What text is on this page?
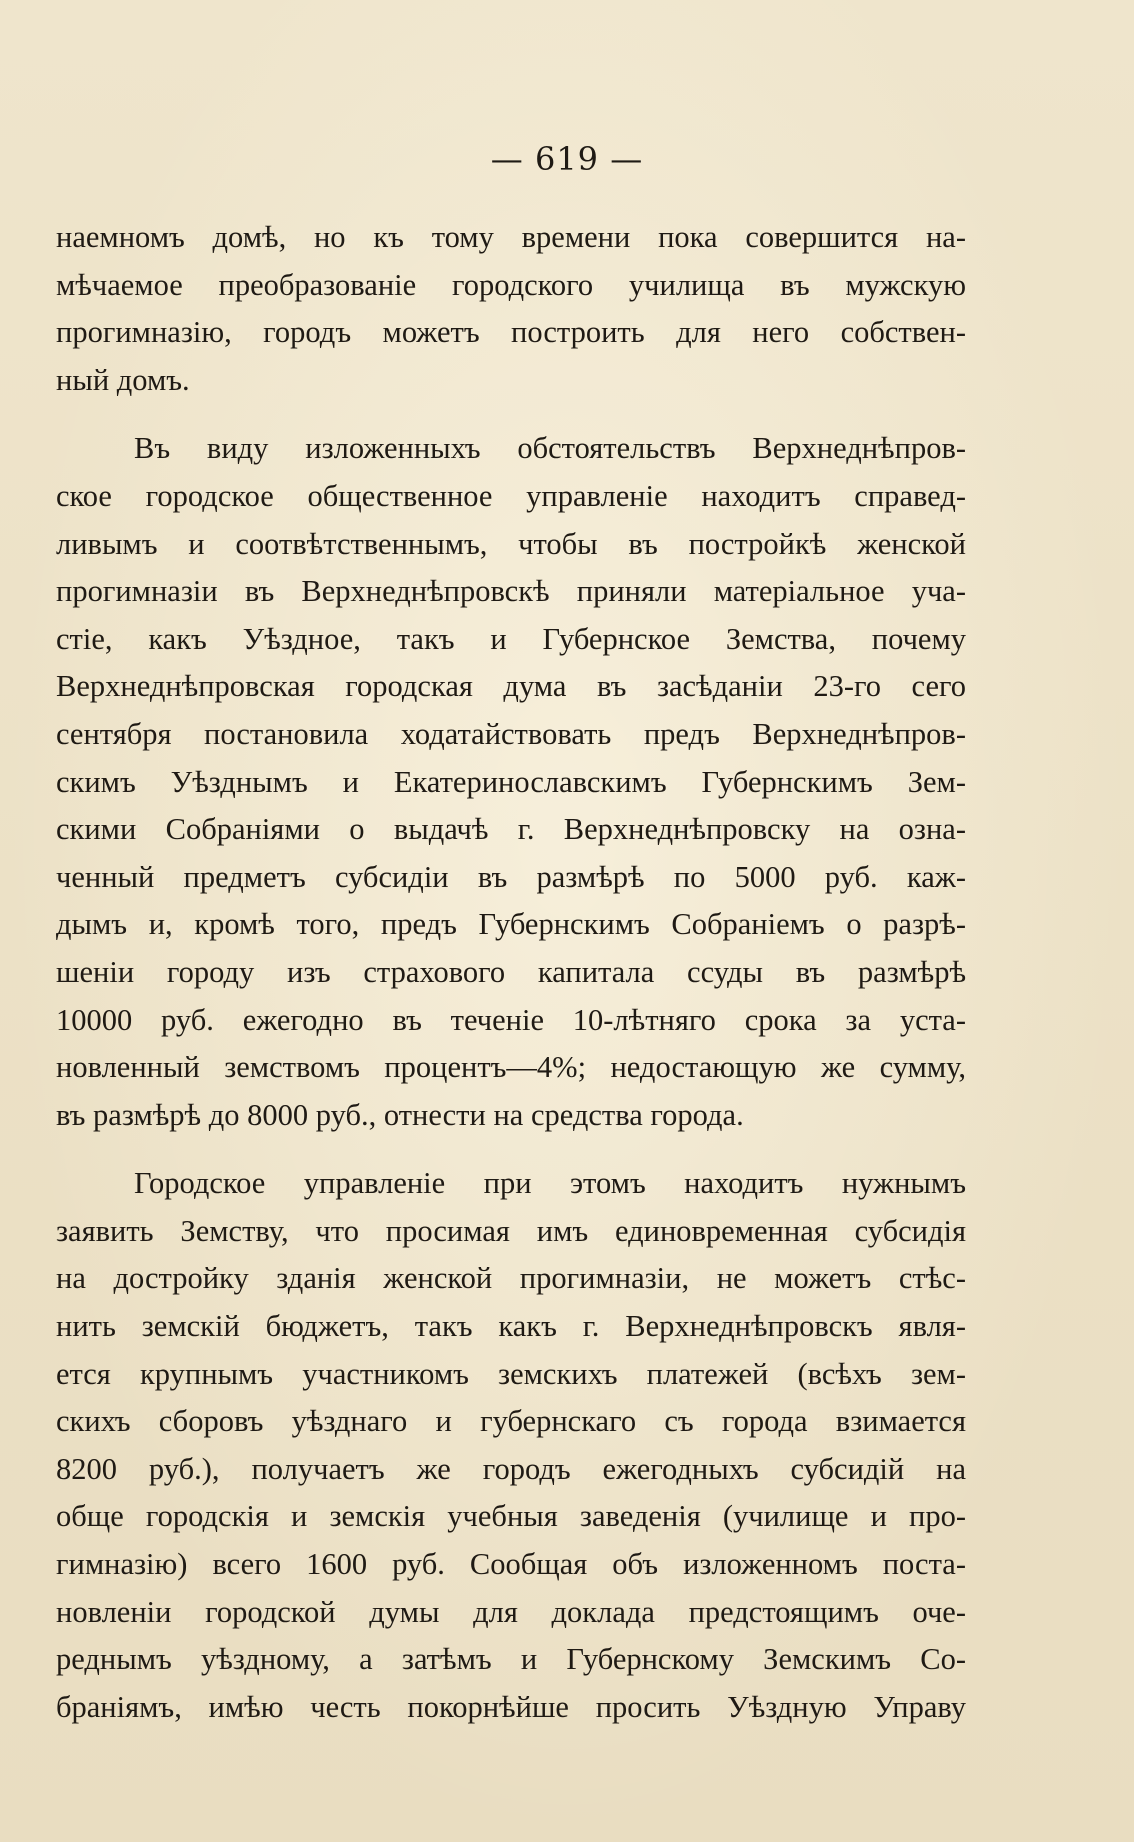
— 619 —
наемномъ домѣ, но къ тому времени пока совершится на-
мѣчаемое преобразованіе городского училища въ мужскую
прогимназію, городъ можетъ построить для него собствен-
ный домъ.
Въ виду изложенныхъ обстоятельствъ Верхнеднѣпров-
ское городское общественное управленіе находитъ справед-
ливымъ и соотвѣтственнымъ, чтобы въ постройкѣ женской
прогимназіи въ Верхнеднѣпровскѣ приняли матеріальное уча-
стіе, какъ Уѣздное, такъ и Губернское Земства, почему
Верхнеднѣпровская городская дума въ засѣданіи 23-го сего
сентября постановила ходатайствовать предъ Верхнеднѣпров-
скимъ Уѣзднымъ и Екатеринославскимъ Губернскимъ Зем-
скими Собраніями о выдачѣ г. Верхнеднѣпровску на озна-
ченный предметъ субсидіи въ размѣрѣ по 5000 руб. каж-
дымъ и, кромѣ того, предъ Губернскимъ Собраніемъ о разрѣ-
шеніи городу изъ страхового капитала ссуды въ размѣрѣ
10000 руб. ежегодно въ теченіе 10-лѣтняго срока за уста-
новленный земствомъ процентъ—4%; недостающую же сумму,
въ размѣрѣ до 8000 руб., отнести на средства города.
Городское управленіе при этомъ находитъ нужнымъ
заявить Земству, что просимая имъ единовременная субсидія
на достройку зданія женской прогимназіи, не можетъ стѣс-
нить земскій бюджетъ, такъ какъ г. Верхнеднѣпровскъ явля-
ется крупнымъ участникомъ земскихъ платежей (всѣхъ зем-
скихъ сборовъ уѣзднаго и губернскаго съ города взимается
8200 руб.), получаетъ же городъ ежегодныхъ субсидій на
обще городскія и земскія учебныя заведенія (училище и про-
гимназію) всего 1600 руб. Сообщая объ изложенномъ поста-
новленіи городской думы для доклада предстоящимъ оче-
реднымъ уѣздному, а затѣмъ и Губернскому Земскимъ Со-
браніямъ, имѣю честь покорнѣйше просить Уѣздную Управу
